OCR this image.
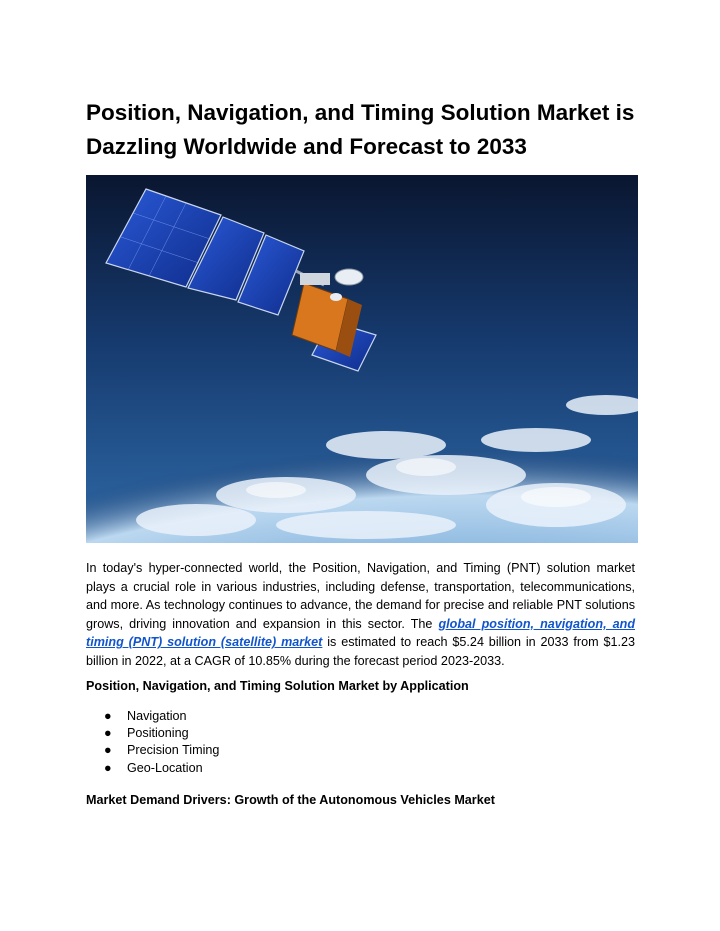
Position, Navigation, and Timing Solution Market is Dazzling Worldwide and Forecast to 2033

In today's hyper-connected world, the Position, Navigation, and Timing (PNT) solution market plays a crucial role in various industries, including defense, transportation, telecommunications, and more. As technology continues to advance, the demand for precise and reliable PNT solutions grows, driving innovation and expansion in this sector. The global position, navigation, and timing (PNT) solution (satellite) market is estimated to reach $5.24 billion in 2033 from $1.23 billion in 2022, at a CAGR of 10.85% during the forecast period 2023-2033.

Position, Navigation, and Timing Solution Market by Application
● Navigation
● Positioning
● Precision Timing
● Geo-Location
Market Demand Drivers: Growth of the Autonomous Vehicles Market
